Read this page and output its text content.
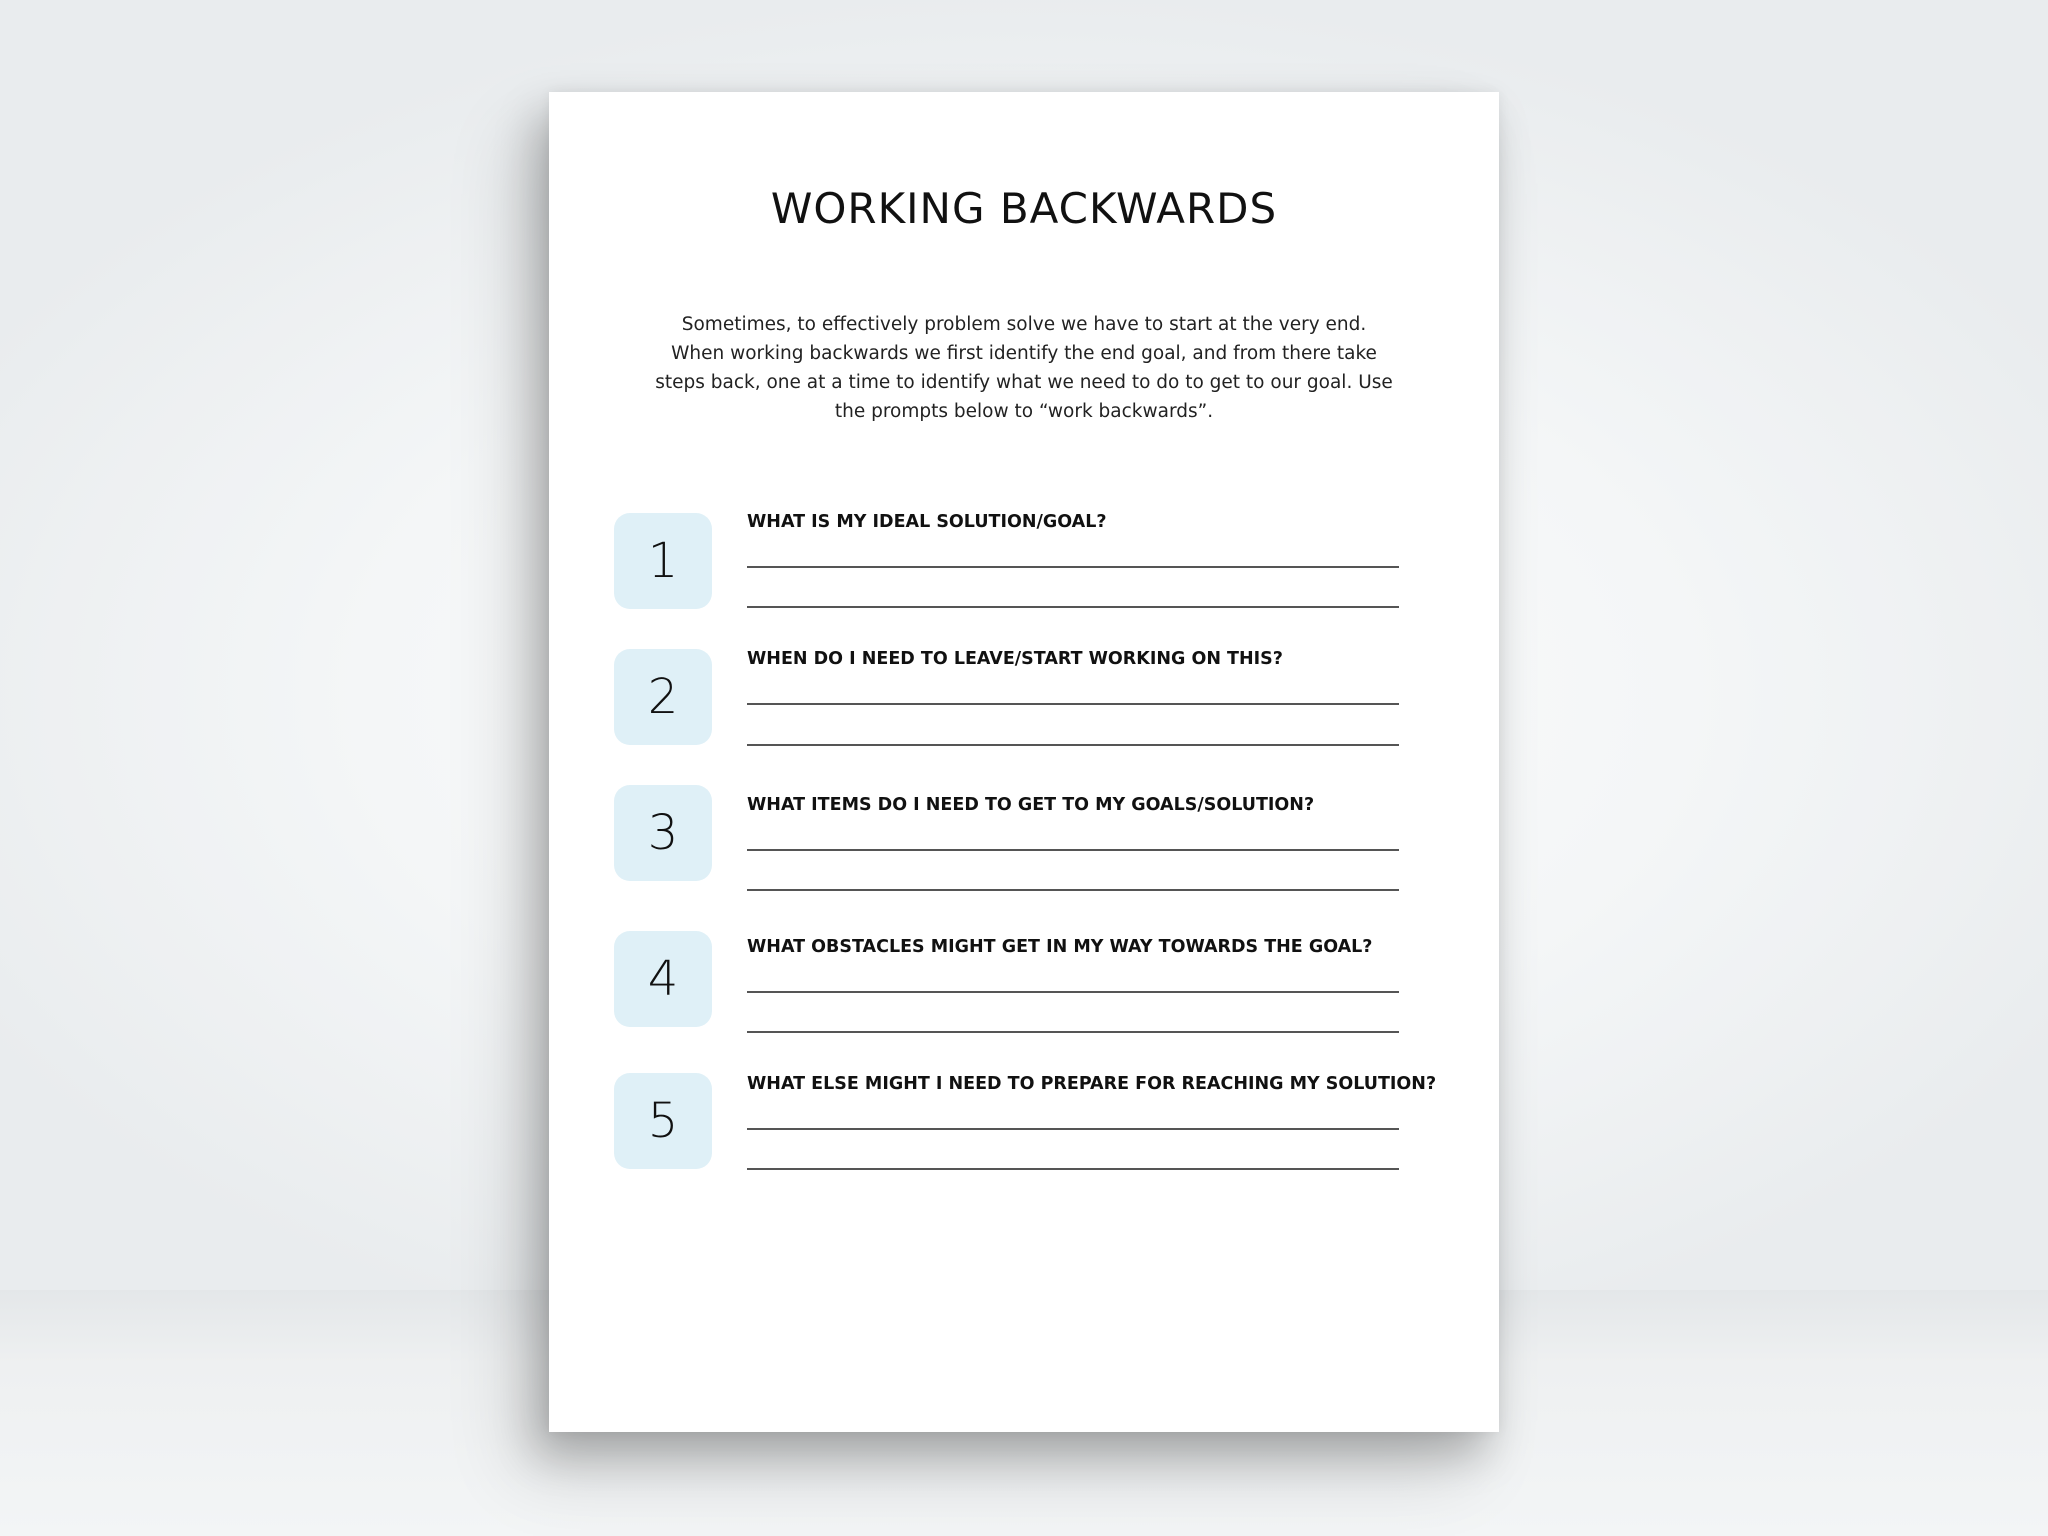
WORKING BACKWARDS
Sometimes, to effectively problem solve we have to start at the very end. When working backwards we first identify the end goal, and from there take steps back, one at a time to identify what we need to do to get to our goal. Use the prompts below to “work backwards”.
1
WHAT IS MY IDEAL SOLUTION/GOAL?
2
WHEN DO I NEED TO LEAVE/START WORKING ON THIS?
3	WHAT ITEMS DO I NEED TO GET TO MY GOALS/SOLUTION?
4
WHAT OBSTACLES MIGHT GET IN MY WAY TOWARDS THE GOAL?
5
WHAT ELSE MIGHT I NEED TO PREPARE FOR REACHING MY SOLUTION?
